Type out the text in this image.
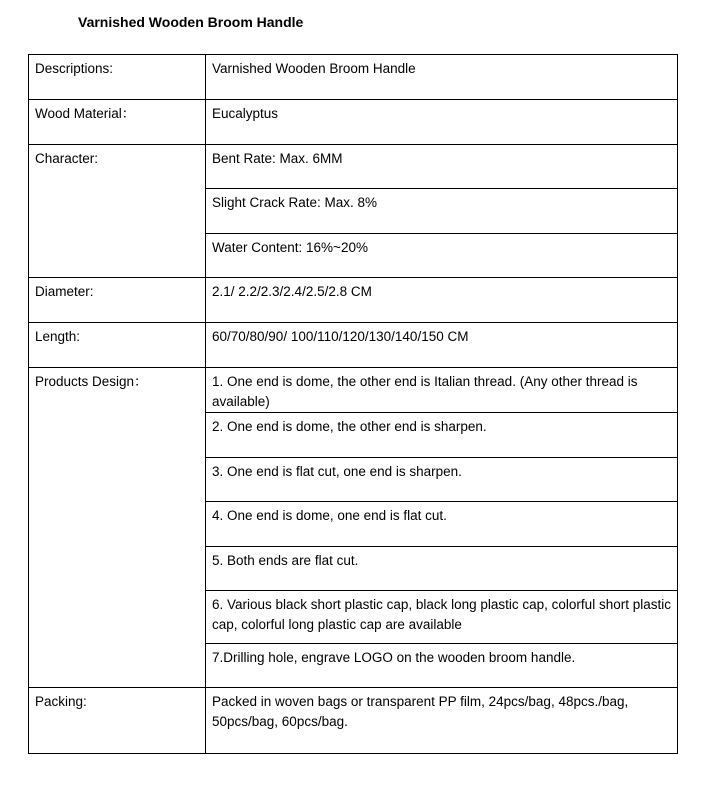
Varnished Wooden Broom Handle
Descriptions:	Varnished Wooden Broom Handle
Wood Material：	Eucalyptus
Character:	Bent Rate: Max. 6MM
	Slight Crack Rate: Max. 8%
	Water Content: 16%~20%
Diameter:	2.1/ 2.2/2.3/2.4/2.5/2.8 CM
Length:	60/70/80/90/ 100/110/120/130/140/150 CM
Products Design：	1. One end is dome, the other end is Italian thread. (Any other thread is available)
	2. One end is dome, the other end is sharpen.
	3. One end is flat cut, one end is sharpen.
	4. One end is dome, one end is flat cut.
	5. Both ends are flat cut.
	6. Various black short plastic cap, black long plastic cap, colorful short plastic cap, colorful long plastic cap are available
	7.Drilling hole, engrave LOGO on the wooden broom handle.
Packing:	Packed in woven bags or transparent PP film, 24pcs/bag, 48pcs./bag, 50pcs/bag, 60pcs/bag.
